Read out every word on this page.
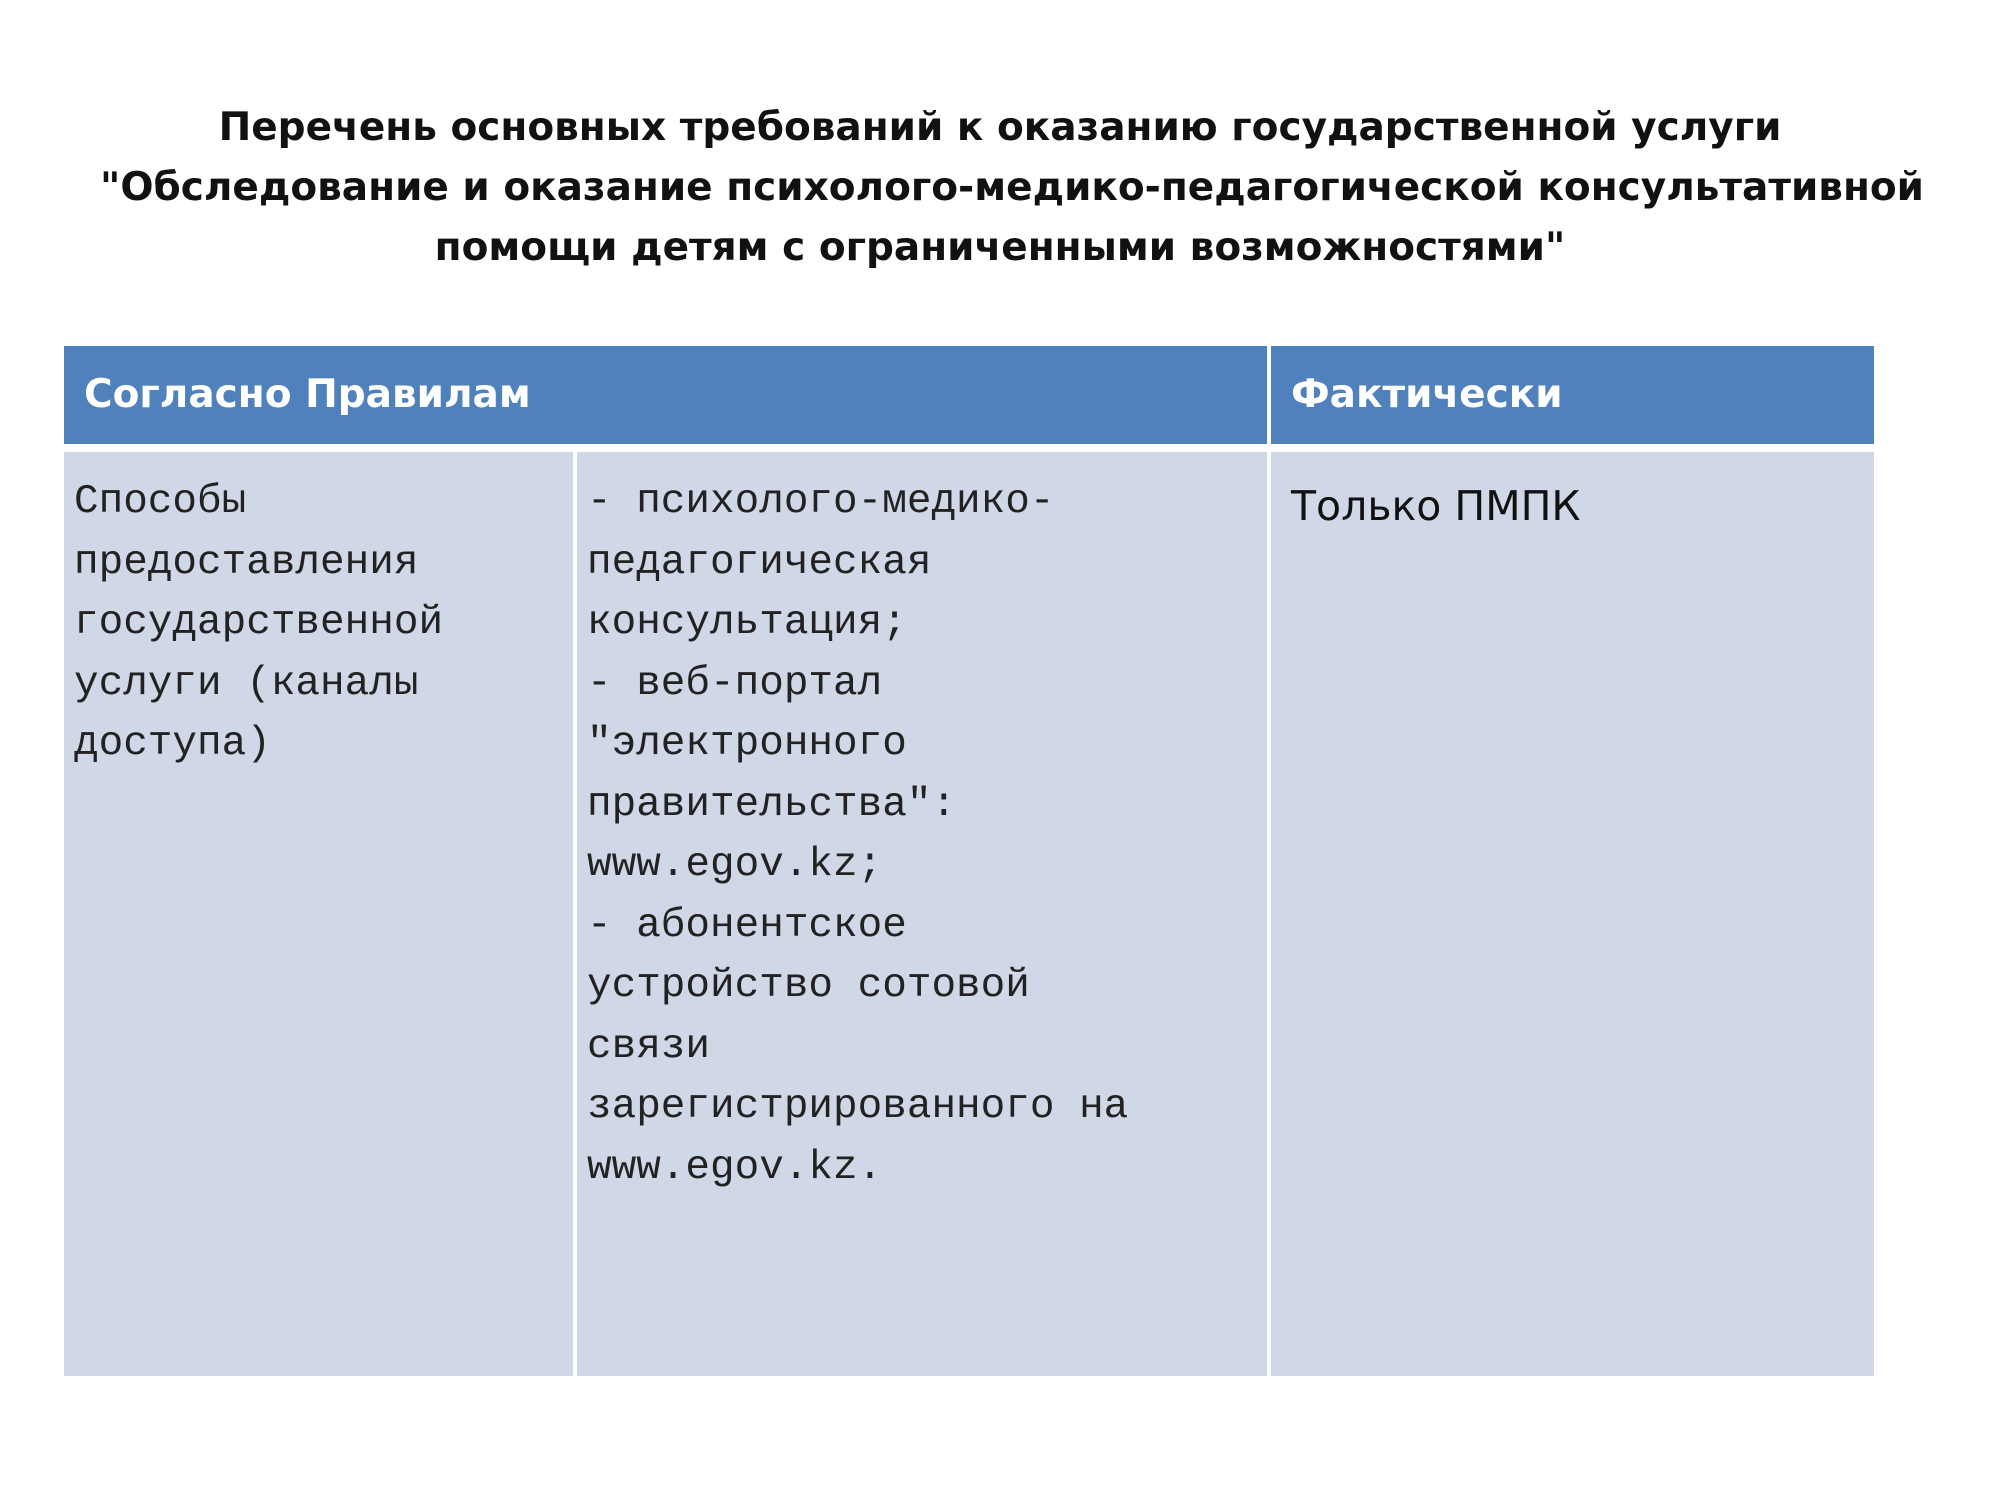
Перечень основных требований к оказанию государственной услуги
"Обследование и оказание психолого-медико-педагогической консультативной
помощи детям с ограниченными возможностями"
Согласно Правилам	Фактически
Способы
предоставления
государственной
услуги (каналы
доступа)
- психолого-медико-
педагогическая
консультация;
- веб-портал
"электронного
правительства":
www.egov.kz;
- абонентское
устройство сотовой
связи
зарегистрированного на
www.egov.kz.
Только ПМПК
